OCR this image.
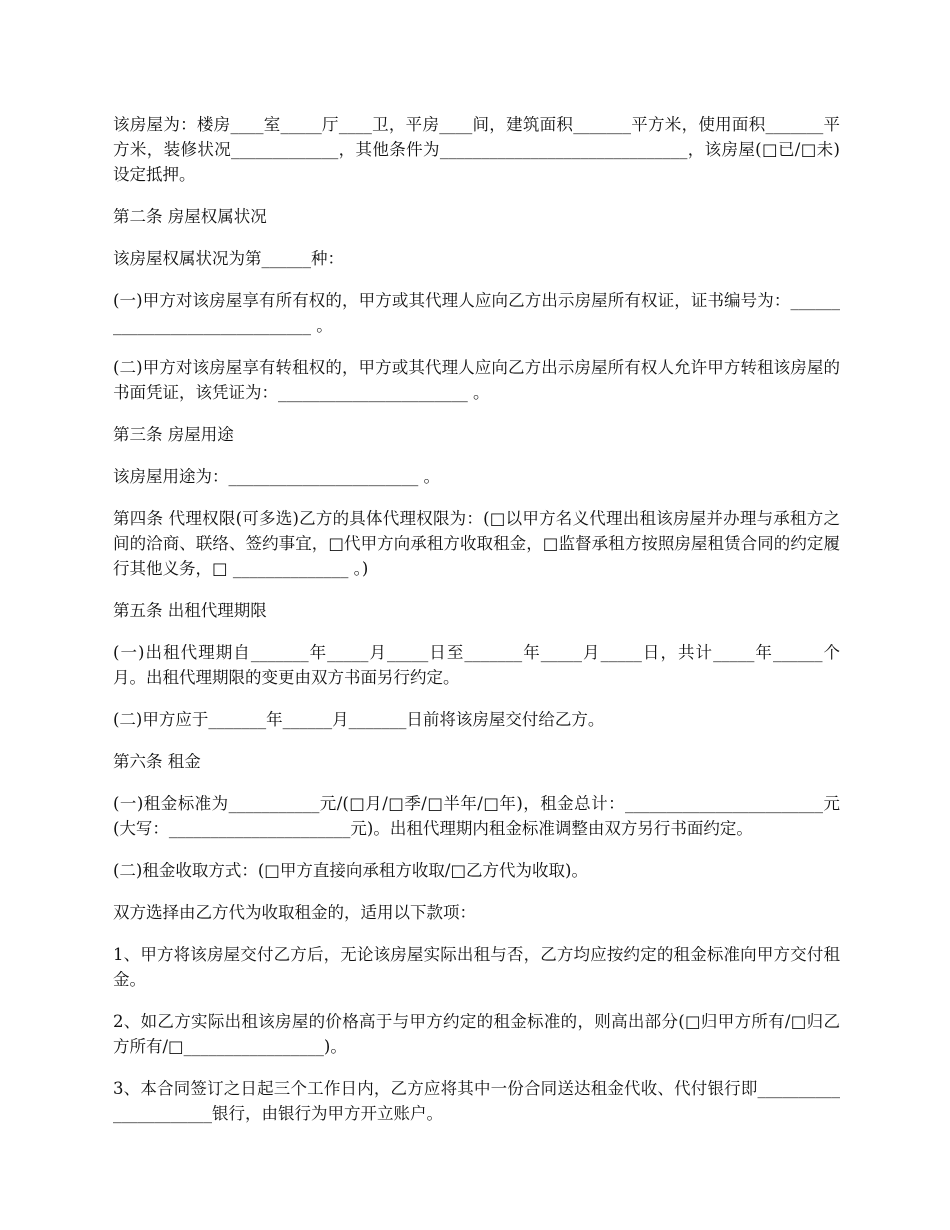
该房屋为：楼房____室_____厅____卫，平房____间，建筑面积_______平方米，使用面积_______平方米，装修状况_____________，其他条件为______________________________，该房屋(□已/□未)设定抵押。

第二条 房屋权属状况

该房屋权属状况为第______种：

(一)甲方对该房屋享有所有权的，甲方或其代理人应向乙方出示房屋所有权证，证书编号为：______________________________ 。

(二)甲方对该房屋享有转租权的，甲方或其代理人应向乙方出示房屋所有权人允许甲方转租该房屋的书面凭证，该凭证为：_______________________ 。

第三条 房屋用途

该房屋用途为：_______________________ 。

第四条 代理权限(可多选)乙方的具体代理权限为：(□以甲方名义代理出租该房屋并办理与承租方之间的洽商、联络、签约事宜，□代甲方向承租方收取租金，□监督承租方按照房屋租赁合同的约定履行其他义务，□ ______________ 。)

第五条 出租代理期限

(一)出租代理期自_______年_____月_____日至_______年_____月_____日，共计_____年______个月。出租代理期限的变更由双方书面另行约定。

(二)甲方应于_______年______月_______日前将该房屋交付给乙方。

第六条 租金

(一)租金标准为___________元/(□月/□季/□半年/□年)，租金总计：________________________元(大写：______________________元)。出租代理期内租金标准调整由双方另行书面约定。

(二)租金收取方式：(□甲方直接向承租方收取/□乙方代为收取)。

双方选择由乙方代为收取租金的，适用以下款项：

1、甲方将该房屋交付乙方后，无论该房屋实际出租与否，乙方均应按约定的租金标准向甲方交付租金。

2、如乙方实际出租该房屋的价格高于与甲方约定的租金标准的，则高出部分(□归甲方所有/□归乙方所有/□_________________)。

3、本合同签订之日起三个工作日内，乙方应将其中一份合同送达租金代收、代付银行即______________________银行，由银行为甲方开立账户。
